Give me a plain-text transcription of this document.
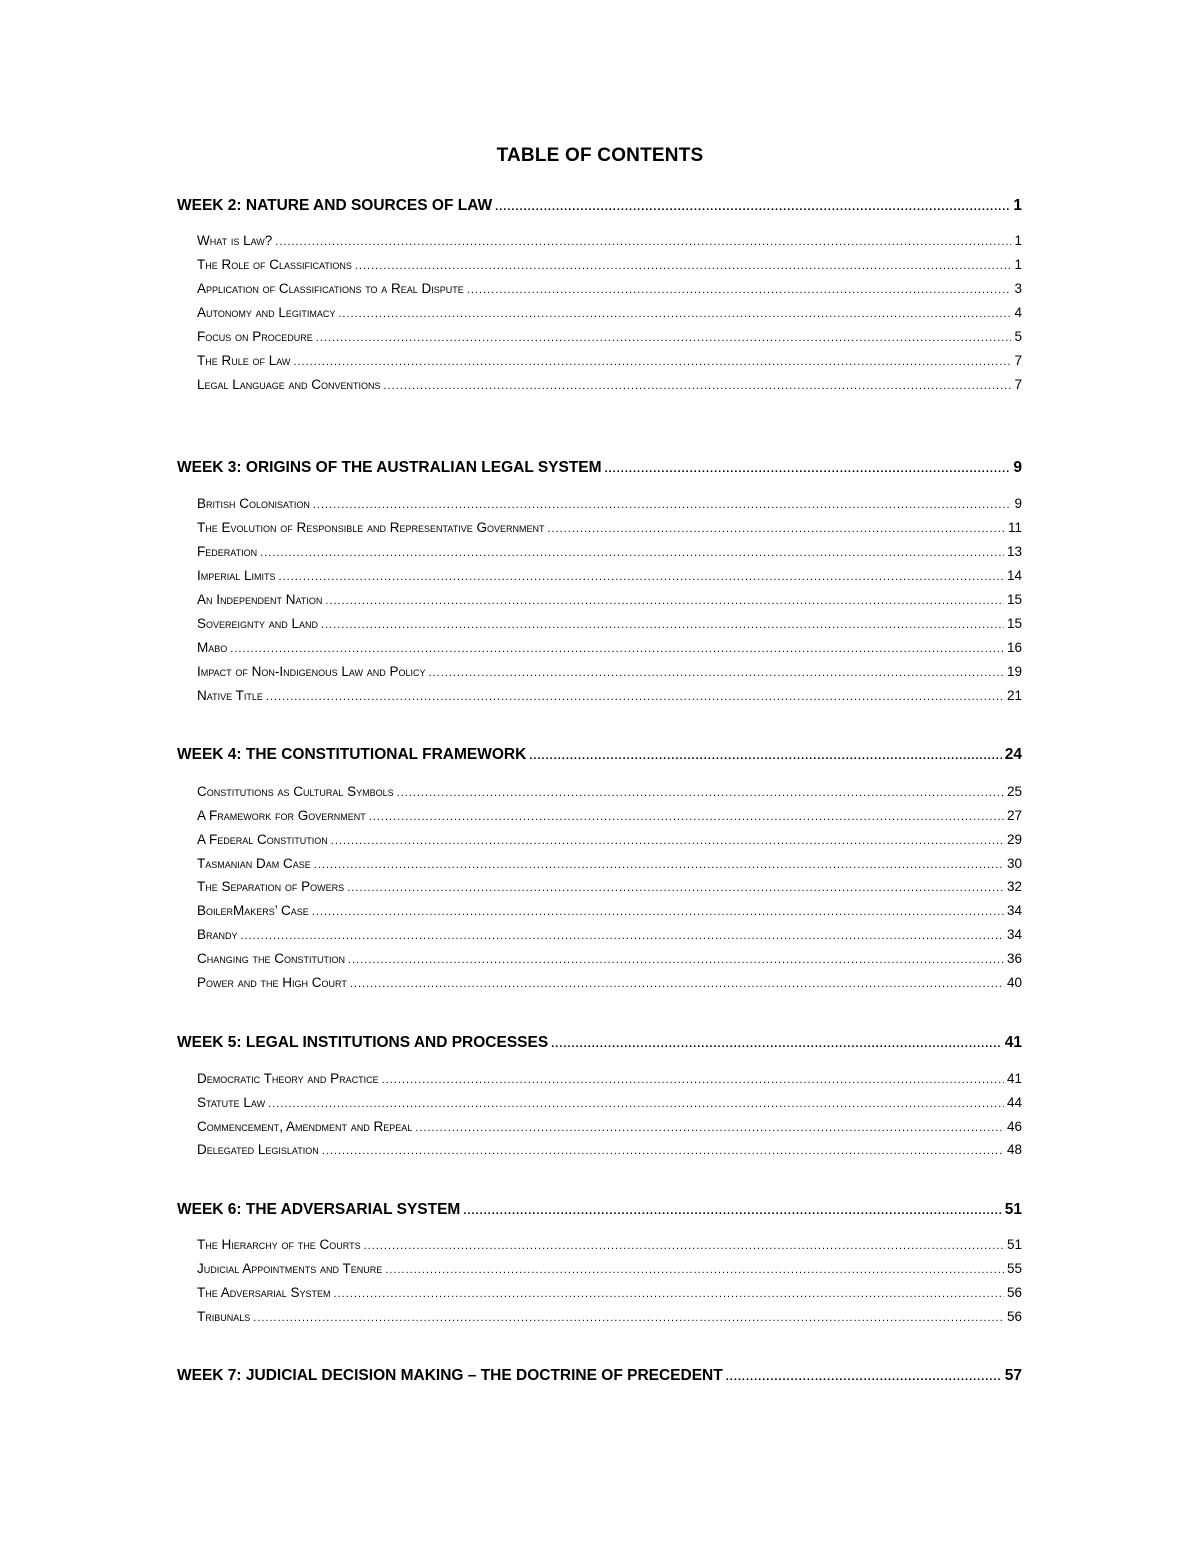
TABLE OF CONTENTS
WEEK 2: NATURE AND SOURCES OF LAW .....	1
What is Law? .....	1
The Role of Classifications .....	1
Application of Classifications to a Real Dispute .....	3
Autonomy and Legitimacy .....	4
Focus on Procedure .....	5
The Rule of Law .....	7
Legal Language and Conventions .....	7
WEEK 3: ORIGINS OF THE AUSTRALIAN LEGAL SYSTEM .....	9
British Colonisation .....	9
The Evolution of Responsible and Representative Government .....	11
Federation .....	13
Imperial Limits .....	14
An Independent Nation .....	15
Sovereignty and Land .....	15
Mabo .....	16
Impact of Non-Indigenous Law and Policy .....	19
Native Title .....	21
WEEK 4: THE CONSTITUTIONAL FRAMEWORK .....	24
Constitutions as Cultural Symbols .....	25
A Framework for Government .....	27
A Federal Constitution .....	29
Tasmanian Dam Case .....	30
The Separation of Powers .....	32
BoilerMakers’ Case .....	34
Brandy .....	34
Changing the Constitution .....	36
Power and the High Court .....	40
WEEK 5: LEGAL INSTITUTIONS AND PROCESSES .....	41
Democratic Theory and Practice .....	41
Statute Law .....	44
Commencement, Amendment and Repeal .....	46
Delegated Legislation .....	48
WEEK 6: THE ADVERSARIAL SYSTEM .....	51
The Hierarchy of the Courts .....	51
Judicial Appointments and Tenure .....	55
The Adversarial System .....	56
Tribunals .....	56
WEEK 7: JUDICIAL DECISION MAKING – THE DOCTRINE OF PRECEDENT .....	57
